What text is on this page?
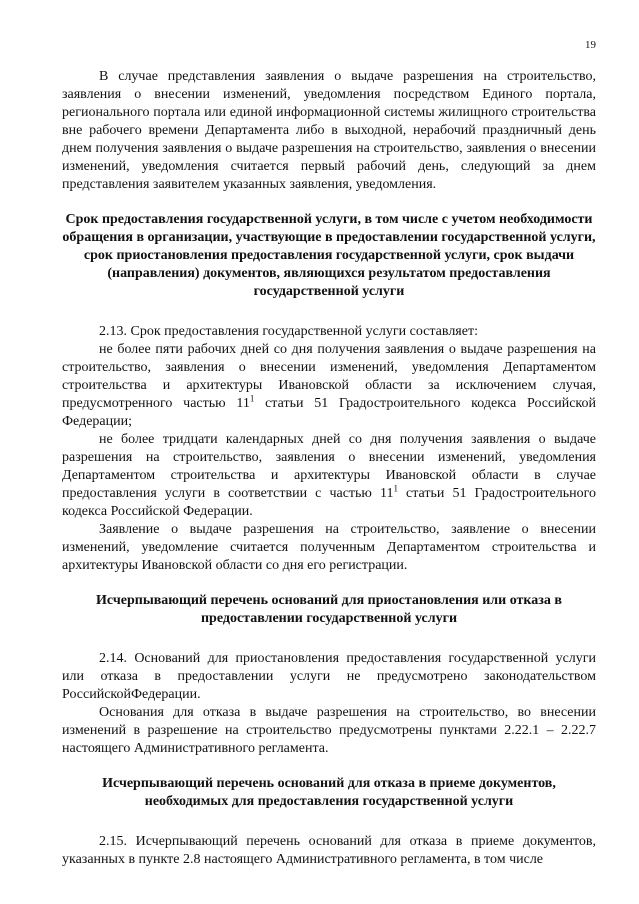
19

В случае представления заявления о выдаче разрешения на строительство, заявления о внесении изменений, уведомления посредством Единого портала, регионального портала или единой информационной системы жилищного строительства вне рабочего времени Департамента либо в выходной, нерабочий праздничный день днем получения заявления о выдаче разрешения на строительство, заявления о внесении изменений, уведомления считается первый рабочий день, следующий за днем представления заявителем указанных заявления, уведомления.

Срок предоставления государственной услуги, в том числе с учетом необходимости обращения в организации, участвующие в предоставлении государственной услуги, срок приостановления предоставления государственной услуги, срок выдачи (направления) документов, являющихся результатом предоставления государственной услуги

2.13. Срок предоставления государственной услуги составляет:

не более пяти рабочих дней со дня получения заявления о выдаче разрешения на строительство, заявления о внесении изменений, уведомления Департаментом строительства и архитектуры Ивановской области за исключением случая, предусмотренного частью $11^1$ статьи 51 Градостроительного кодекса Российской Федерации;

не более тридцати календарных дней со дня получения заявления о выдаче разрешения на строительство, заявления о внесении изменений, уведомления Департаментом строительства и архитектуры Ивановской области в случае предоставления услуги в соответствии с частью $11^1$ статьи 51 Градостроительного кодекса Российской Федерации.

Заявление о выдаче разрешения на строительство, заявление о внесении изменений, уведомление считается полученным Департаментом строительства и архитектуры Ивановской области со дня его регистрации.

Исчерпывающий перечень оснований для приостановления или отказа в предоставлении государственной услуги

2.14. Оснований для приостановления предоставления государственной услуги или отказа в предоставлении услуги не предусмотрено законодательством РоссийскойФедерации.

Основания для отказа в выдаче разрешения на строительство, во внесении изменений в разрешение на строительство предусмотрены пунктами 2.22.1 – 2.22.7 настоящего Административного регламента.

Исчерпывающий перечень оснований для отказа в приеме документов, необходимых для предоставления государственной услуги

2.15. Исчерпывающий перечень оснований для отказа в приеме документов, указанных в пункте 2.8 настоящего Административного регламента, в том числе
